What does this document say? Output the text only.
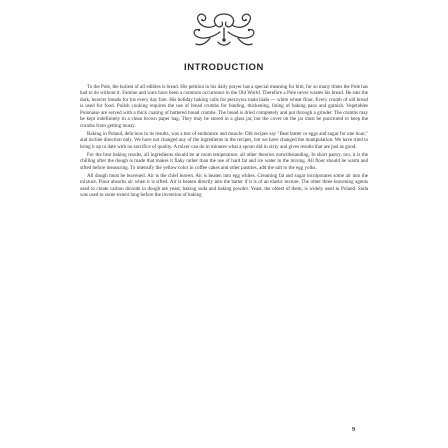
INTRODUCTION

To the Pole, the holiest of all edibles is bread. His petition in his daily prayer has a special meaning for him, for so many times the Pole has had to do without it. Famine and wars have been a common occurrence in the Old World. Therefore a Pole never wastes his bread. He eats the dark, heavier breads for his every day fare. His holiday baking calls for pieczywa mała biała — white wheat flour. Every crumb of old bread is used for food. Polish cooking requires the use of bread crumbs for binding, thickening, lining of baking pans and garnish. Vegetables Polonaise are served with a thick coating of buttered bread crumbs. The bread is dried completely and put through a grinder. The crumbs may be kept indefinitely in a clean brown paper bag. They may be stored in a glass jar, but the cover on the jar must be punctured to keep the crumbs from getting musty.

Baking in Poland, delicious in its results, was a test of endurance and muscle. Old recipes say "Beat butter or eggs and sugar for one hour," and incline direction only. We have not changed any of the ingredients in the recipes, but we have changed the manipulation. We have tried to bring it up to date with no sacrifice of quality. A mixer can do in minutes what a spoon did in sixty and gives results that are just as good.

For the best baking results, all ingredients should be at room temperature, all other theories notwithstanding. In short pastry, too, it is the chilling after the dough is made that makes it flaky rather than the use of hard fat and ice water in the mixing. All flour should be warm and sifted before measuring. To intensify the yellow color in coffee cakes and other pastries, add the salt to the egg yolks.

All dough must be leavened. Air is the chief leaven. Air is beaten into egg whites. Creaming fat and sugar incorporates some air into the mixture. Flour absorbs air when it is sifted. Air is beaten directly into the batter if it is of an elastic texture. The other three leavening agents used to create carbon dioxide in dough are yeast, baking soda and baking powder. Yeast, the oldest of them, is widely used in Poland. Soda was used to some extent long before the invention of baking

9
